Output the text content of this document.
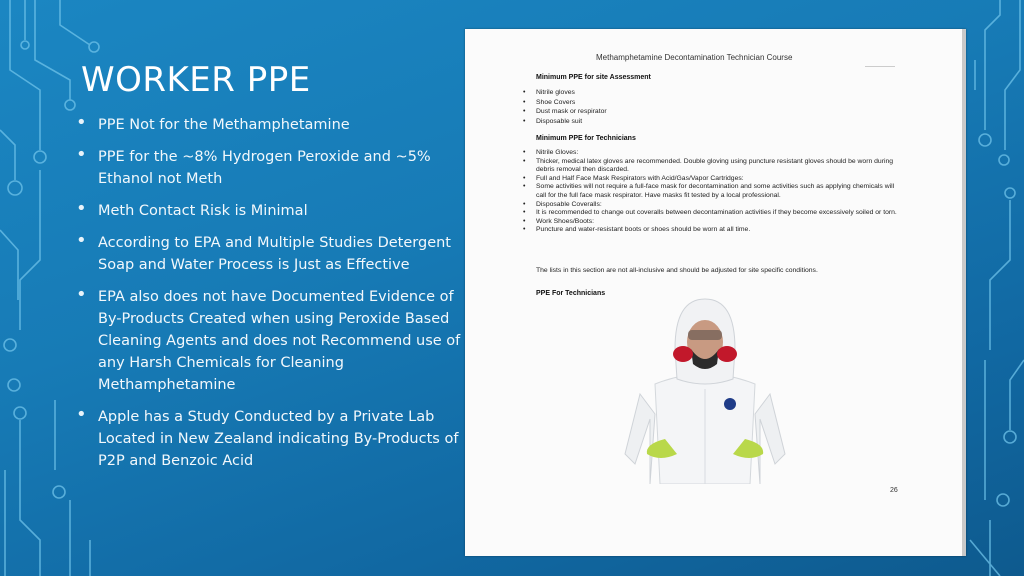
WORKER PPE
• PPE Not for the Methamphetamine
• PPE for the ~8% Hydrogen Peroxide and ~5% Ethanol not Meth
• Meth Contact Risk is Minimal
• According to EPA and Multiple Studies Detergent Soap and Water Process is Just as Effective
• EPA also does not have Documented Evidence of By-Products Created when using Peroxide Based Cleaning Agents and does not Recommend use of any Harsh Chemicals for Cleaning Methamphetamine
• Apple has a Study Conducted by a Private Lab Located in New Zealand indicating By-Products of P2P and Benzoic Acid
Methamphetamine Decontamination Technician Course
Minimum PPE for site Assessment
• Nitrile gloves
• Shoe Covers
• Dust mask or respirator
• Disposable suit
Minimum PPE for Technicians
• Nitrile Gloves:
• Thicker, medical latex gloves are recommended. Double gloving using puncture resistant gloves should be worn during debris removal then discarded.
• Full and Half Face Mask Respirators with Acid/Gas/Vapor Cartridges:
• Some activities will not require a full-face mask for decontamination and some activities such as applying chemicals will call for the full face mask respirator. Have masks fit tested by a local professional.
• Disposable Coveralls:
• It is recommended to change out coveralls between decontamination activities if they become excessively soiled or torn.
• Work Shoes/Boots:
• Puncture and water-resistant boots or shoes should be worn at all time.
The lists in this section are not all-inclusive and should be adjusted for site specific conditions.
PPE For Technicians
26
